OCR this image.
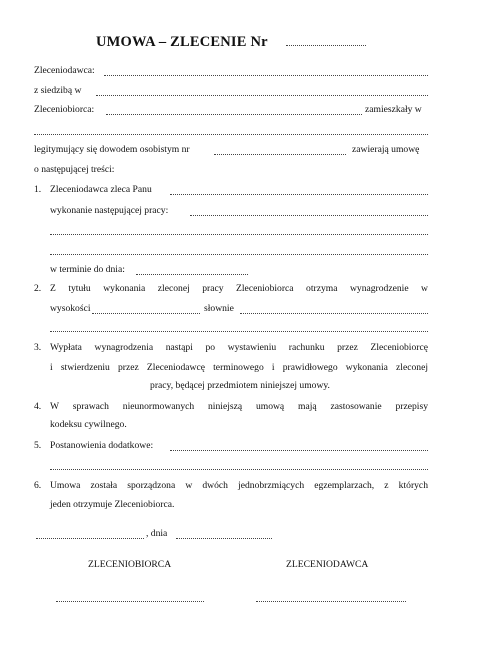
UMOWA – ZLECENIE Nr
Zleceniodawca:
z siedzibą w
Zleceniobiorca:	zamieszkały w
legitymujący się dowodem osobistym nr	zawierają umowę
o następującej treści:
1. Zleceniodawca zleca Panu
wykonanie następującej pracy:
w terminie do dnia:
2. Z tytułu wykonania zleconej pracy Zleceniobiorca otrzyma wynagrodzenie w
wysokości	słownie
3. Wypłata wynagrodzenia nastąpi po wystawieniu rachunku przez Zleceniobiorcę
i stwierdzeniu przez Zleceniodawcę terminowego i prawidłowego wykonania zleconej
pracy, będącej przedmiotem niniejszej umowy.
4. W sprawach nieunormowanych niniejszą umową mają zastosowanie przepisy
kodeksu cywilnego.
5. Postanowienia dodatkowe:
6. Umowa została sporządzona w dwóch jednobrzmiących egzemplarzach, z których
jeden otrzymuje Zleceniobiorca.
, dnia
ZLECENIOBIORCA	ZLECENIODAWCA
